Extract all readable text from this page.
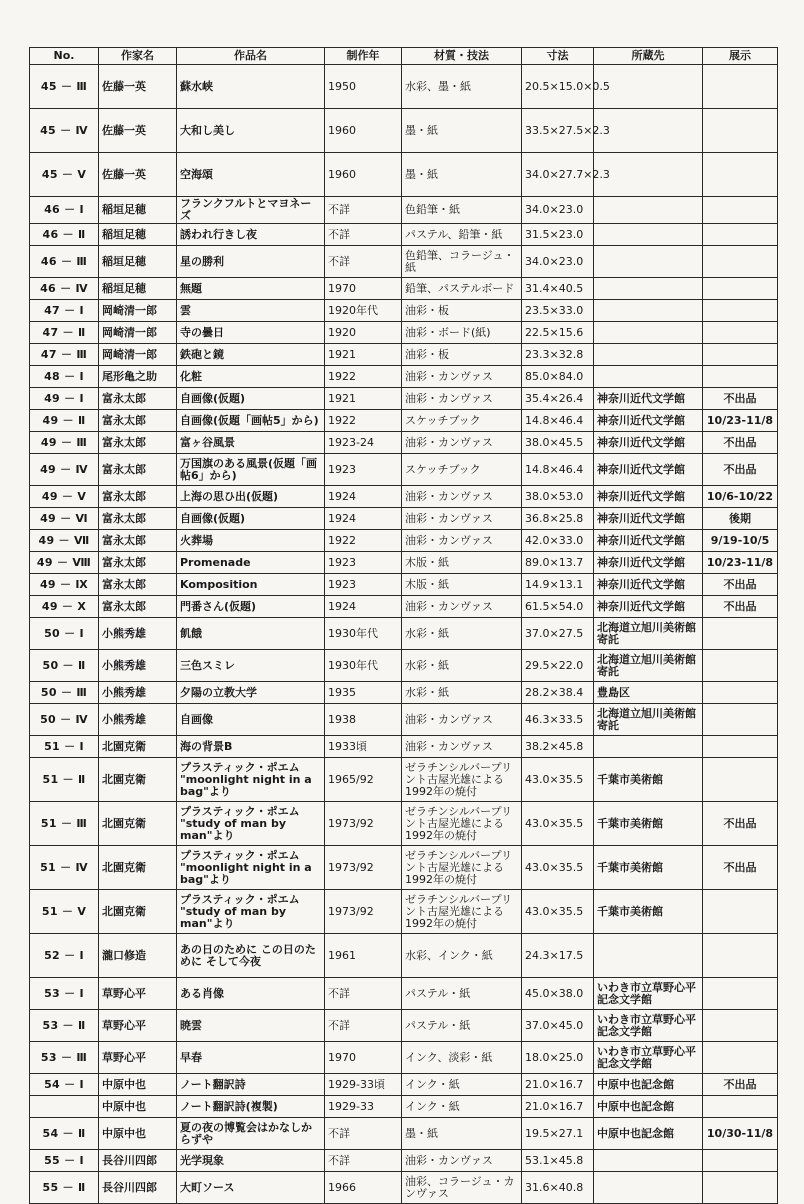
No.	作家名	作品名	制作年	材質・技法	寸法	所蔵先	展示
45 － Ⅲ	佐藤一英	蘇水峡	1950	水彩、墨・紙	20.5×15.0×0.5		
45 － Ⅳ	佐藤一英	大和し美し	1960	墨・紙	33.5×27.5×2.3		
45 － Ⅴ	佐藤一英	空海頌	1960	墨・紙	34.0×27.7×2.3		
46 － Ⅰ	稲垣足穂	フランクフルトとマヨネーズ	不詳	色鉛筆・紙	34.0×23.0		
46 － Ⅱ	稲垣足穂	誘われ行きし夜	不詳	パステル、鉛筆・紙	31.5×23.0		
46 － Ⅲ	稲垣足穂	星の勝利	不詳	色鉛筆、コラージュ・紙	34.0×23.0		
46 － Ⅳ	稲垣足穂	無題	1970	鉛筆、パステルボード	31.4×40.5		
47 － Ⅰ	岡崎清一郎	雲	1920年代	油彩・板	23.5×33.0		
47 － Ⅱ	岡崎清一郎	寺の曇日	1920	油彩・ボード(紙)	22.5×15.6		
47 － Ⅲ	岡崎清一郎	鉄砲と鏡	1921	油彩・板	23.3×32.8		
48 － Ⅰ	尾形亀之助	化粧	1922	油彩・カンヴァス	85.0×84.0		
49 － Ⅰ	富永太郎	自画像(仮題)	1921	油彩・カンヴァス	35.4×26.4	神奈川近代文学館	不出品
49 － Ⅱ	富永太郎	自画像(仮題「画帖5」から)	1922	スケッチブック	14.8×46.4	神奈川近代文学館	10/23-11/8
49 － Ⅲ	富永太郎	富ヶ谷風景	1923-24	油彩・カンヴァス	38.0×45.5	神奈川近代文学館	不出品
49 － Ⅳ	富永太郎	万国旗のある風景(仮題「画帖6」から)	1923	スケッチブック	14.8×46.4	神奈川近代文学館	不出品
49 － Ⅴ	富永太郎	上海の思ひ出(仮題)	1924	油彩・カンヴァス	38.0×53.0	神奈川近代文学館	10/6-10/22
49 － Ⅵ	富永太郎	自画像(仮題)	1924	油彩・カンヴァス	36.8×25.8	神奈川近代文学館	後期
49 － Ⅶ	富永太郎	火葬場	1922	油彩・カンヴァス	42.0×33.0	神奈川近代文学館	9/19-10/5
49 － Ⅷ	富永太郎	Promenade	1923	木版・紙	89.0×13.7	神奈川近代文学館	10/23-11/8
49 － Ⅸ	富永太郎	Komposition	1923	木版・紙	14.9×13.1	神奈川近代文学館	不出品
49 － Ⅹ	富永太郎	門番さん(仮題)	1924	油彩・カンヴァス	61.5×54.0	神奈川近代文学館	不出品
50 － Ⅰ	小熊秀雄	飢餓	1930年代	水彩・紙	37.0×27.5	北海道立旭川美術館寄託	
50 － Ⅱ	小熊秀雄	三色スミレ	1930年代	水彩・紙	29.5×22.0	北海道立旭川美術館寄託	
50 － Ⅲ	小熊秀雄	夕陽の立教大学	1935	水彩・紙	28.2×38.4	豊島区	
50 － Ⅳ	小熊秀雄	自画像	1938	油彩・カンヴァス	46.3×33.5	北海道立旭川美術館寄託	
51 － Ⅰ	北園克衛	海の背景B	1933頃	油彩・カンヴァス	38.2×45.8		
51 － Ⅱ	北園克衛	プラスティック・ポエム "moonlight night in a bag"より	1965/92	ゼラチンシルバープリント古屋光雄による1992年の焼付	43.0×35.5	千葉市美術館	
51 － Ⅲ	北園克衛	プラスティック・ポエム "study of man by man"より	1973/92	ゼラチンシルバープリント古屋光雄による1992年の焼付	43.0×35.5	千葉市美術館	不出品
51 － Ⅳ	北園克衛	プラスティック・ポエム "moonlight night in a bag"より	1973/92	ゼラチンシルバープリント古屋光雄による1992年の焼付	43.0×35.5	千葉市美術館	不出品
51 － Ⅴ	北園克衛	プラスティック・ポエム "study of man by man"より	1973/92	ゼラチンシルバープリント古屋光雄による1992年の焼付	43.0×35.5	千葉市美術館	
52 － Ⅰ	瀧口修造	あの日のために この日のために そして今夜	1961	水彩、インク・紙	24.3×17.5		
53 － Ⅰ	草野心平	ある肖像	不詳	パステル・紙	45.0×38.0	いわき市立草野心平記念文学館	
53 － Ⅱ	草野心平	暁雲	不詳	パステル・紙	37.0×45.0	いわき市立草野心平記念文学館	
53 － Ⅲ	草野心平	早春	1970	インク、淡彩・紙	18.0×25.0	いわき市立草野心平記念文学館	
54 － Ⅰ	中原中也	ノート翻訳詩	1929-33頃	インク・紙	21.0×16.7	中原中也記念館	不出品
	中原中也	ノート翻訳詩(複製)	1929-33	インク・紙	21.0×16.7	中原中也記念館	
54 － Ⅱ	中原中也	夏の夜の博覧会はかなしからずや	不詳	墨・紙	19.5×27.1	中原中也記念館	10/30-11/8
55 － Ⅰ	長谷川四郎	光学現象	不詳	油彩・カンヴァス	53.1×45.8		
55 － Ⅱ	長谷川四郎	大町ソース	1966	油彩、コラージュ・カンヴァス	31.6×40.8		
